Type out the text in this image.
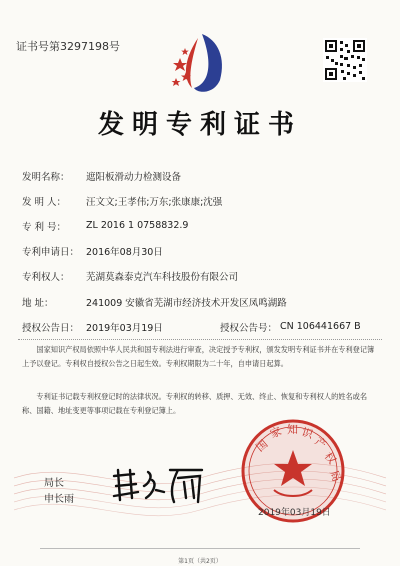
证书号第3297198号
发明专利证书
发明名称：	遮阳板滑动力检测设备
发 明 人：	汪文文;王孝伟;万东;张康康;沈强
专 利 号：	ZL 2016 1 0758832.9
专利申请日： 2016年08月30日
专利权人：	芜湖莫森泰克汽车科技股份有限公司
地 址：	241009 安徽省芜湖市经济技术开发区凤鸣湖路
授权公告日： 2019年03月19日	授权公告号： CN 106441667 B
国家知识产权局依照中华人民共和国专利法进行审查，决定授予专利权，颁发发明专利证书并在专利登记簿上予以登记。专利权自授权公告之日起生效。专利权期限为二十年，自申请日起算。
专利证书记载专利权登记时的法律状况。专利权的转移、质押、无效、终止、恢复和专利权人的姓名或名称、国籍、地址变更等事项记载在专利登记簿上。
局长
申长雨
国
家 知 识
产
权
局
2019年03月19日
第1页（共2页）
